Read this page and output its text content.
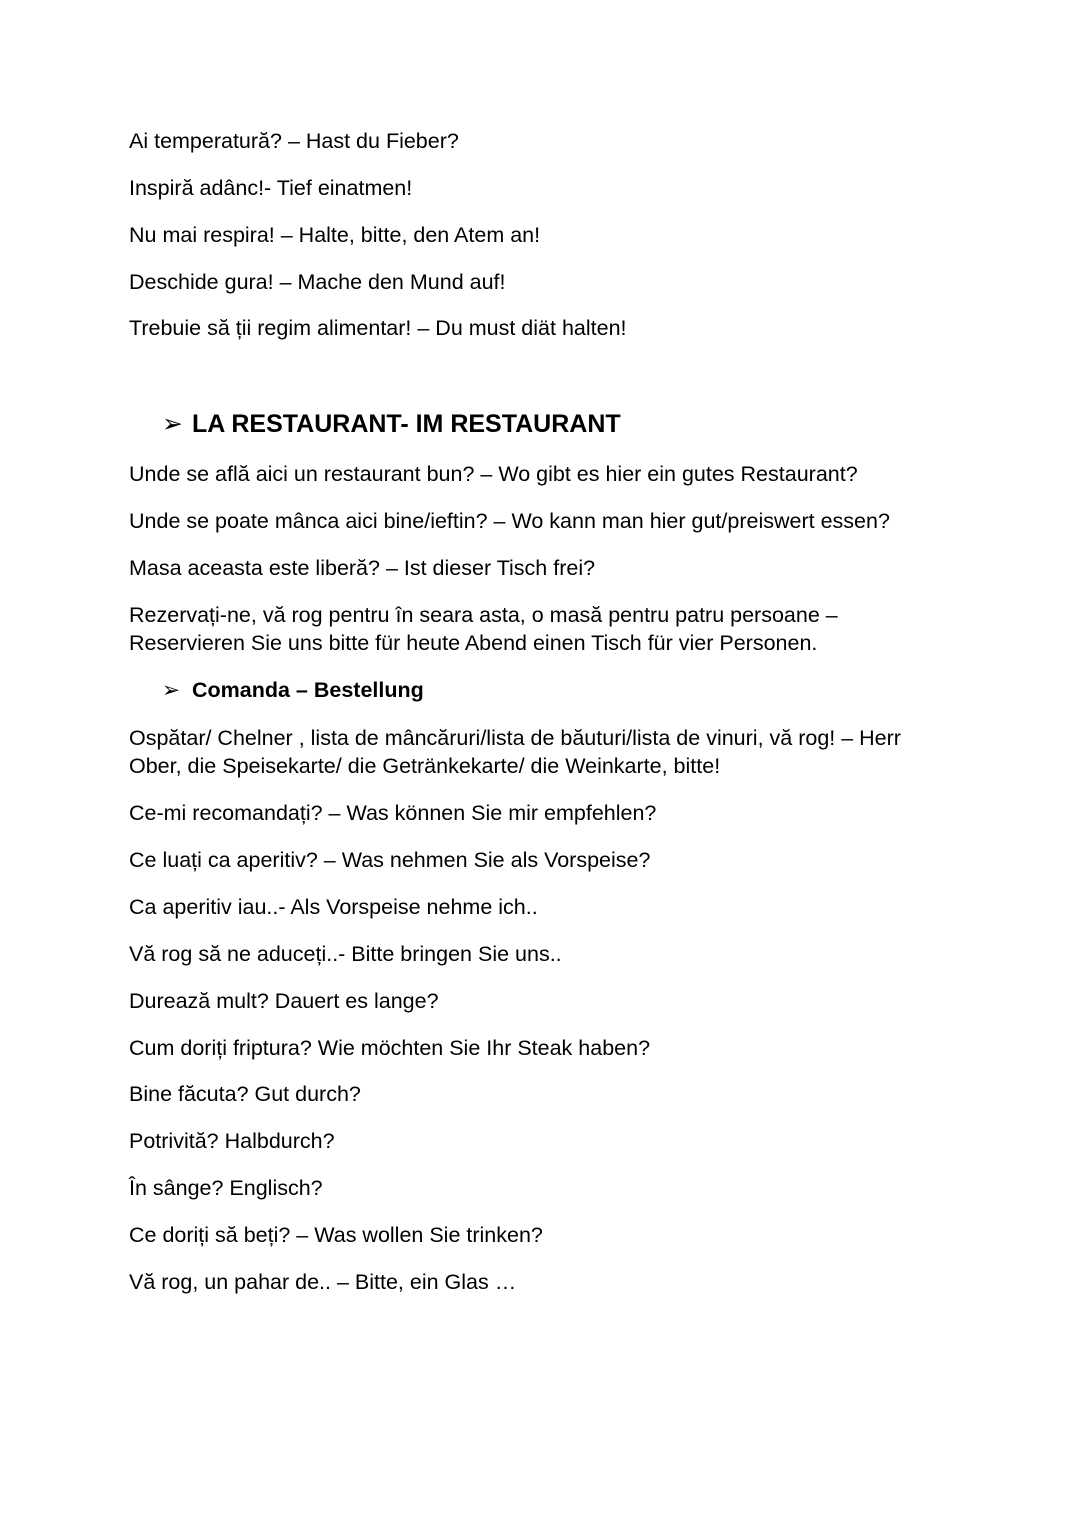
Ai temperatură? – Hast du Fieber?
Inspiră adânc!- Tief einatmen!
Nu mai respira! – Halte, bitte, den Atem an!
Deschide gura! – Mache den Mund auf!
Trebuie să ții regim alimentar! – Du must diät halten!
➢ LA RESTAURANT- IM RESTAURANT
Unde se află aici un restaurant bun? – Wo gibt es hier ein gutes Restaurant?
Unde se poate mânca aici bine/ieftin? – Wo kann man hier gut/preiswert essen?
Masa aceasta este liberă? – Ist dieser Tisch frei?
Rezervați-ne, vă rog pentru în seara asta, o masă pentru patru persoane –
Reservieren Sie uns bitte für heute Abend einen Tisch für vier Personen.
➢ Comanda – Bestellung
Ospătar/ Chelner , lista de mâncăruri/lista de băuturi/lista de vinuri, vă rog! – Herr
Ober, die Speisekarte/ die Getränkekarte/ die Weinkarte, bitte!
Ce-mi recomandați? – Was können Sie mir empfehlen?
Ce luați ca aperitiv? – Was nehmen Sie als Vorspeise?
Ca aperitiv iau..- Als Vorspeise nehme ich..
Vă rog să ne aduceți..- Bitte bringen Sie uns..
Durează mult? Dauert es lange?
Cum doriți friptura? Wie möchten Sie Ihr Steak haben?
Bine făcuta? Gut durch?
Potrivită? Halbdurch?
În sânge? Englisch?
Ce doriți să beți? – Was wollen Sie trinken?
Vă rog, un pahar de.. – Bitte, ein Glas …
